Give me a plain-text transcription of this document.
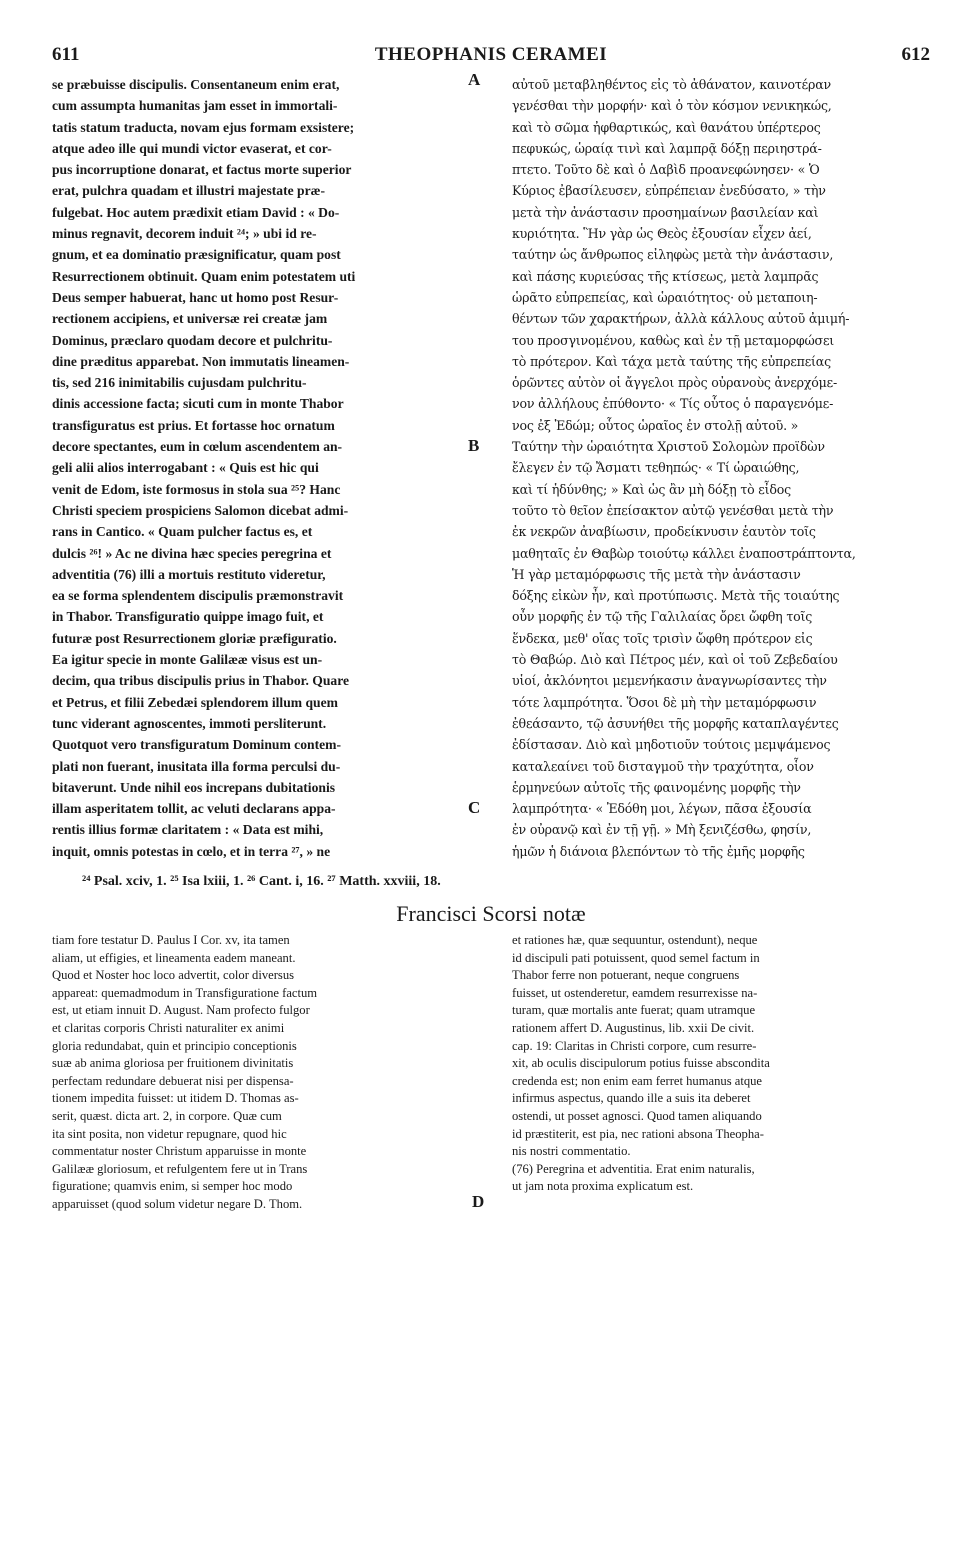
611	THEOPHANIS CERAMEI	612
A
B
C
D
se præbuisse discipulis. Consentaneum enim erat,
cum assumpta humanitas jam esset in immortali-
tatis statum traducta, novam ejus formam exsistere;
atque adeo ille qui mundi victor evaserat, et cor-
pus incorruptione donarat, et factus morte superior
erat, pulchra quadam et illustri majestate præ-
fulgebat. Hoc autem prædixit etiam David : « Do-
minus regnavit, decorem induit ²⁴; » ubi id re-
gnum, et ea dominatio præsignificatur, quam post
Resurrectionem obtinuit. Quam enim potestatem uti
Deus semper habuerat, hanc ut homo post Resur-
rectionem accipiens, et universæ rei creatæ jam
Dominus, præclaro quodam decore et pulchritu-
dine præditus apparebat. Non immutatis lineamen-
tis, sed 216 inimitabilis cujusdam pulchritu-
dinis accessione facta; sicuti cum in monte Thabor
transfiguratus est prius. Et fortasse hoc ornatum
decore spectantes, eum in cœlum ascendentem an-
geli alii alios interrogabant : « Quis est hic qui
venit de Edom, iste formosus in stola sua ²⁵? Hanc
Christi speciem prospiciens Salomon dicebat admi-
rans in Cantico. « Quam pulcher factus es, et
dulcis ²⁶! » Ac ne divina hæc species peregrina et
adventitia (76) illi a mortuis restituto videretur,
ea se forma splendentem discipulis præmonstravit
in Thabor. Transfiguratio quippe imago fuit, et
futuræ post Resurrectionem gloriæ præfiguratio.
Ea igitur specie in monte Galilææ visus est un-
decim, qua tribus discipulis prius in Thabor. Quare
et Petrus, et filii Zebedæi splendorem illum quem
tunc viderant agnoscentes, immoti persliterunt.
Quotquot vero transfiguratum Dominum contem-
plati non fuerant, inusitata illa forma perculsi du-
bitaverunt. Unde nihil eos increpans dubitationis
illam asperitatem tollit, ac veluti declarans appa-
rentis illius formæ claritatem : « Data est mihi,
inquit, omnis potestas in cœlo, et in terra ²⁷, » ne
αὐτοῦ μεταβληθέντος εἰς τὸ ἀθάνατον, καινοτέραν
γενέσθαι τὴν μορφήν· καὶ ὁ τὸν κόσμον νενικηκώς,
καὶ τὸ σῶμα ἠφθαρτικώς, καὶ θανάτου ὑπέρτερος
πεφυκώς, ὡραίᾳ τινὶ καὶ λαμπρᾷ δόξῃ περιηστρά-
πτετο. Τοῦτο δὲ καὶ ὁ Δαβὶδ προανεφώνησεν· « Ὁ
Κύριος ἐβασίλευσεν, εὐπρέπειαν ἐνεδύσατο, » τὴν
μετὰ τὴν ἀνάστασιν προσημαίνων βασιλείαν καὶ
κυριότητα. Ἣν γὰρ ὡς Θεὸς ἐξουσίαν εἶχεν ἀεί,
ταύτην ὡς ἄνθρωπος εἰληφὼς μετὰ τὴν ἀνάστασιν,
καὶ πάσης κυριεύσας τῆς κτίσεως, μετὰ λαμπρᾶς
ὡρᾶτο εὐπρεπείας, καὶ ὡραιότητος· οὐ μεταποιη-
θέντων τῶν χαρακτήρων, ἀλλὰ κάλλους αὐτοῦ ἀμιμή-
του προσγινομένου, καθὼς καὶ ἐν τῇ μεταμορφώσει
τὸ πρότερον. Καὶ τάχα μετὰ ταύτης τῆς εὐπρεπείας
ὁρῶντες αὐτὸν οἱ ἄγγελοι πρὸς οὐρανοὺς ἀνερχόμε-
νον ἀλλήλους ἐπύθοντο· « Τίς οὗτος ὁ παραγενόμε-
νος ἐξ Ἐδώμ; οὗτος ὡραῖος ἐν στολῇ αὐτοῦ. »
Ταύτην τὴν ὡραιότητα Χριστοῦ Σολομὼν προϊδὼν
ἔλεγεν ἐν τῷ Ἄσματι τεθηπώς· « Τί ὡραιώθης,
καὶ τί ἡδύνθης; » Καὶ ὡς ἂν μὴ δόξῃ τὸ εἶδος
τοῦτο τὸ θεῖον ἐπείσακτον αὐτῷ γενέσθαι μετὰ τὴν
ἐκ νεκρῶν ἀναβίωσιν, προδείκνυσιν ἑαυτὸν τοῖς
μαθηταῖς ἐν Θαβὼρ τοιούτῳ κάλλει ἐναποστράπτοντα,
Ἡ γὰρ μεταμόρφωσις τῆς μετὰ τὴν ἀνάστασιν
δόξης εἰκὼν ἦν, καὶ προτύπωσις. Μετὰ τῆς τοιαύτης
οὖν μορφῆς ἐν τῷ τῆς Γαλιλαίας ὄρει ὤφθη τοῖς
ἕνδεκα, μεθ' οἵας τοῖς τρισὶν ὤφθη πρότερον εἰς
τὸ Θαβώρ. Διὸ καὶ Πέτρος μέν, καὶ οἱ τοῦ Ζεβεδαίου
υἱοί, ἀκλόνητοι μεμενήκασιν ἀναγνωρίσαντες τὴν
τότε λαμπρότητα. Ὅσοι δὲ μὴ τὴν μεταμόρφωσιν
ἐθεάσαντο, τῷ ἀσυνήθει τῆς μορφῆς καταπλαγέντες
ἐδίστασαν. Διὸ καὶ μηδοτιοῦν τούτοις μεμψάμενος
καταλεαίνει τοῦ δισταγμοῦ τὴν τραχύτητα, οἷον
ἑρμηνεύων αὐτοῖς τῆς φαινομένης μορφῆς τὴν
λαμπρότητα· « Ἐδόθη μοι, λέγων, πᾶσα ἐξουσία
ἐν οὐρανῷ καὶ ἐν τῇ γῇ. » Μὴ ξενιζέσθω, φησίν,
ἡμῶν ἡ διάνοια βλεπόντων τὸ τῆς ἐμῆς μορφῆς
²⁴ Psal. xciv, 1. ²⁵ Isa lxiii, 1. ²⁶ Cant. i, 16. ²⁷ Matth. xxviii, 18.
Francisci Scorsi notæ
tiam fore testatur D. Paulus I Cor. xv, ita tamen
aliam, ut effigies, et lineamenta eadem maneant.
Quod et Noster hoc loco advertit, color diversus
appareat: quemadmodum in Transfiguratione factum
est, ut etiam innuit D. August. Nam profecto fulgor
et claritas corporis Christi naturaliter ex animi
gloria redundabat, quin et principio conceptionis
suæ ab anima gloriosa per fruitionem divinitatis
perfectam redundare debuerat nisi per dispensa-
tionem impedita fuisset: ut itidem D. Thomas as-
serit, quæst. dicta art. 2, in corpore. Quæ cum
ita sint posita, non videtur repugnare, quod hic
commentatur noster Christum apparuisse in monte
Galilææ gloriosum, et refulgentem fere ut in Trans
figuratione; quamvis enim, si semper hoc modo
apparuisset (quod solum videtur negare D. Thom.
et rationes hæ, quæ sequuntur, ostendunt), neque
id discipuli pati potuissent, quod semel factum in
Thabor ferre non potuerant, neque congruens
fuisset, ut ostenderetur, eamdem resurrexisse na-
turam, quæ mortalis ante fuerat; quam utramque
rationem affert D. Augustinus, lib. xxii De civit.
cap. 19: Claritas in Christi corpore, cum resurre-
xit, ab oculis discipulorum potius fuisse abscondita
credenda est; non enim eam ferret humanus atque
infirmus aspectus, quando ille a suis ita deberet
ostendi, ut posset agnosci. Quod tamen aliquando
id præstiterit, est pia, nec rationi absona Theopha-
nis nostri commentatio.
(76) Peregrina et adventitia. Erat enim naturalis,
ut jam nota proxima explicatum est.
